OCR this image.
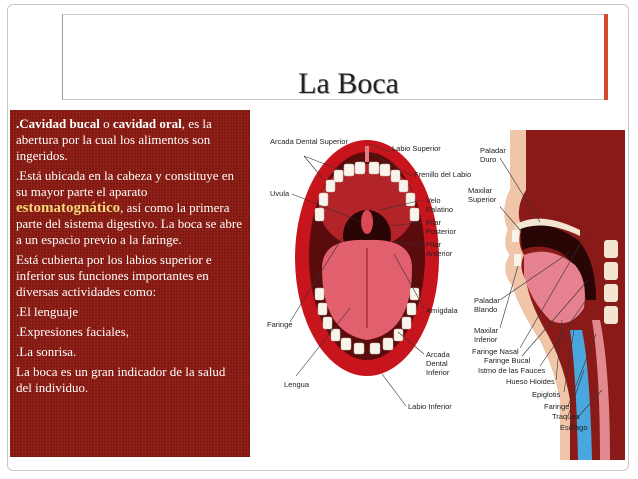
La Boca

.Cavidad bucal o cavidad oral, es la abertura por la cual los alimentos son ingeridos.

.Está ubicada en la cabeza y constituye en su mayor parte el aparato estomatognático, así como la primera parte del sistema digestivo. La boca se abre a un espacio previo a la faringe.

Está cubierta por los labios superior e inferior sus funciones importantes en diversas actividades como:

.El lenguaje

.Expresiones faciales,

.La sonrisa.

La boca es un gran indicador de la salud del individuo.

Arcada Dental Superior
Labio Superior
Frenillo del Labio
Uvula
Velo Palatino
Pilar Posterior
Pilar Anterior
Faringe
Amígdala
Lengua
Arcada Dental Inferior
Labio Inferior
Paladar Duro
Maxilar Superior
Paladar Blando
Maxilar Inferior
Faringe Nasal
Faringe Bucal
Istmo de las Fauces
Hueso Hioides
Epiglotis
Faringe
Traquea
Esófago
